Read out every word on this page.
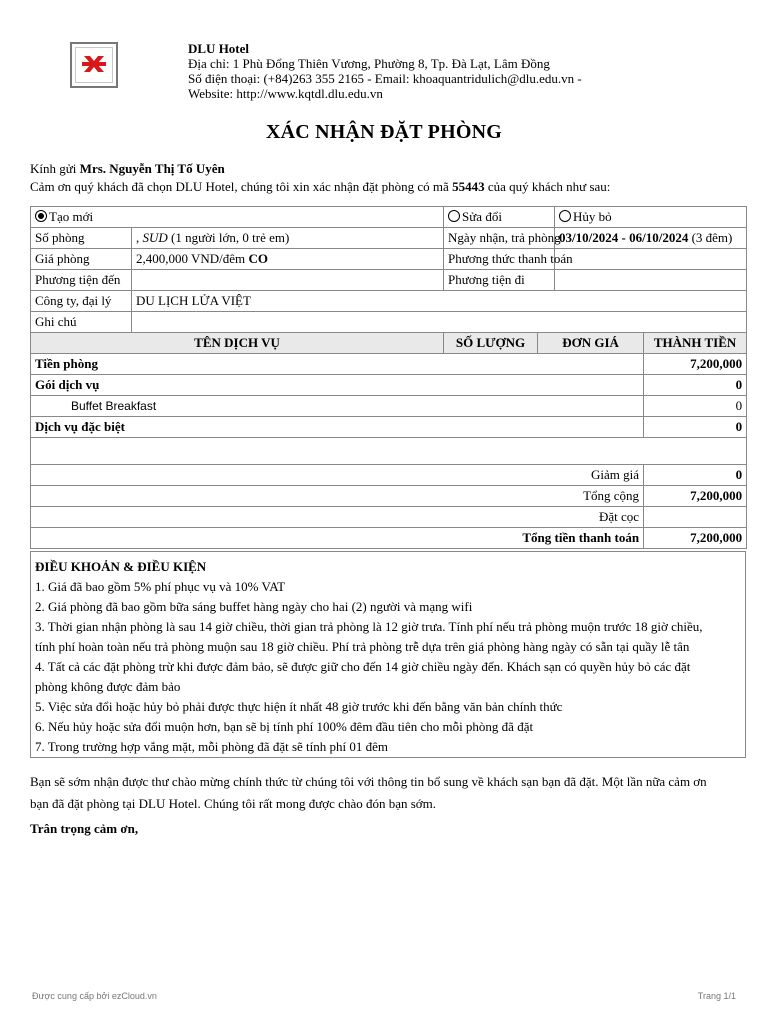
DLU Hotel
Địa chỉ: 1 Phù Đổng Thiên Vương, Phường 8, Tp. Đà Lạt, Lâm Đồng
Số điện thoại: (+84)263 355 2165 - Email: khoaquantridulich@dlu.edu.vn -
Website: http://www.kqtdl.dlu.edu.vn
XÁC NHẬN ĐẶT PHÒNG
Kính gửi Mrs. Nguyễn Thị Tố Uyên
Cảm ơn quý khách đã chọn DLU Hotel, chúng tôi xin xác nhận đặt phòng có mã 55443 của quý khách như sau:
Tạo mới		Sửa đổi		Hủy bỏ	
Số phòng	, SUD (1 người lớn, 0 trẻ em)	Ngày nhận, trả phòng		03/10/2024 - 06/10/2024 (3 đêm)	
Giá phòng	2,400,000 VND/đêm CO	Phương thức thanh toán			
Phương tiện đến		Phương tiện đi			
Công ty, đại lý	DU LỊCH LỬA VIỆT				
Ghi chú					
TÊN DỊCH VỤ		SỐ LƯỢNG	ĐƠN GIÁ		THÀNH TIỀN
Tiền phòng					7,200,000
Gói dịch vụ					0
Buffet Breakfast					0
Dịch vụ đặc biệt					0

Giảm giá					0
Tổng cộng					7,200,000
Đặt cọc					
Tổng tiền thanh toán					7,200,000
ĐIỀU KHOẢN & ĐIỀU KIỆN
1. Giá đã bao gồm 5% phí phục vụ và 10% VAT
2. Giá phòng đã bao gồm bữa sáng buffet hàng ngày cho hai (2) người và mạng wifi
3. Thời gian nhận phòng là sau 14 giờ chiều, thời gian trả phòng là 12 giờ trưa. Tính phí nếu trả phòng muộn trước 18 giờ chiều,
tính phí hoàn toàn nếu trả phòng muộn sau 18 giờ chiều. Phí trả phòng trễ dựa trên giá phòng hàng ngày có sẵn tại quầy lễ tân
4. Tất cả các đặt phòng trừ khi được đảm bảo, sẽ được giữ cho đến 14 giờ chiều ngày đến. Khách sạn có quyền hủy bỏ các đặt
phòng không được đảm bảo
5. Việc sửa đổi hoặc hủy bỏ phải được thực hiện ít nhất 48 giờ trước khi đến bằng văn bản chính thức
6. Nếu hủy hoặc sửa đổi muộn hơn, bạn sẽ bị tính phí 100% đêm đầu tiên cho mỗi phòng đã đặt
7. Trong trường hợp vắng mặt, mỗi phòng đã đặt sẽ tính phí 01 đêm
Bạn sẽ sớm nhận được thư chào mừng chính thức từ chúng tôi với thông tin bổ sung về khách sạn bạn đã đặt. Một lần nữa cảm ơn
bạn đã đặt phòng tại DLU Hotel. Chúng tôi rất mong được chào đón bạn sớm.
Trân trọng cảm ơn,
Được cung cấp bởi ezCloud.vn	Trang 1/1
